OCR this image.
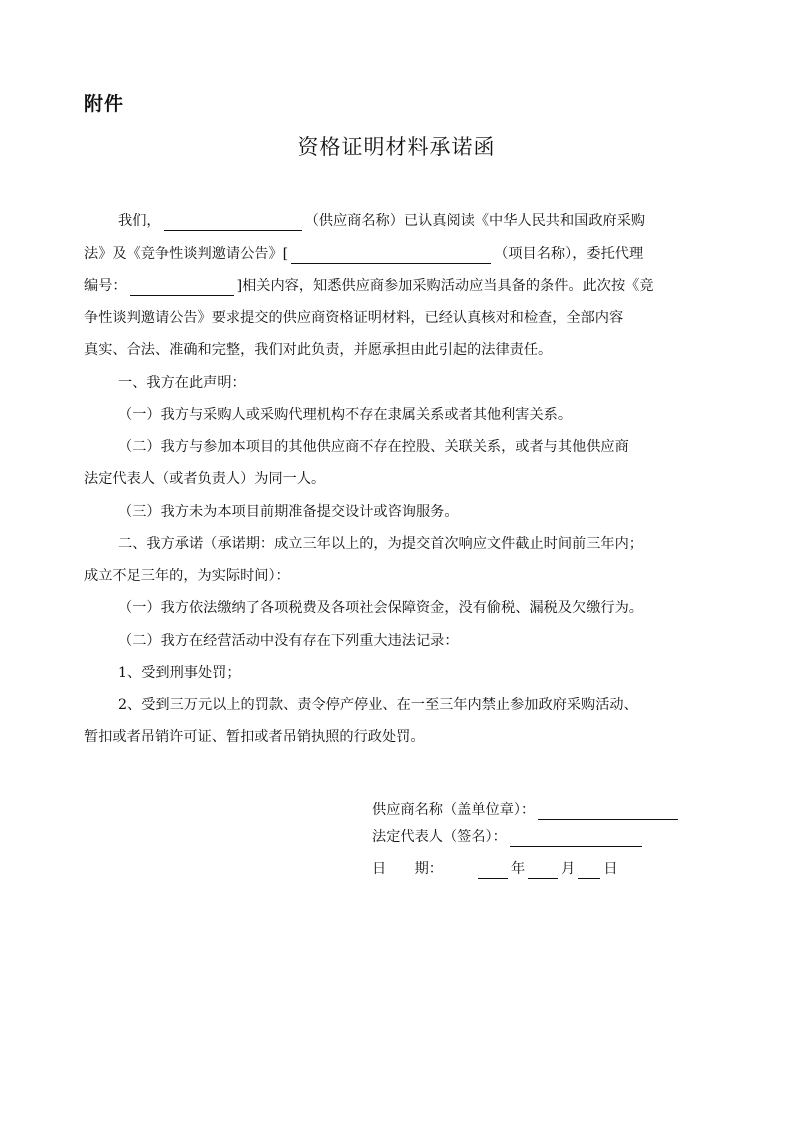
附件
资格证明材料承诺函
我们，	（供应商名称）已认真阅读《中华人民共和国政府采购
法》及《竞争性谈判邀请公告》[	（项目名称），委托代理
编号：	]相关内容，知悉供应商参加采购活动应当具备的条件。此次按《竞
争性谈判邀请公告》要求提交的供应商资格证明材料，已经认真核对和检查，全部内容
真实、合法、准确和完整，我们对此负责，并愿承担由此引起的法律责任。
一、我方在此声明：
（一）我方与采购人或采购代理机构不存在隶属关系或者其他利害关系。
（二）我方与参加本项目的其他供应商不存在控股、关联关系，或者与其他供应商
法定代表人（或者负责人）为同一人。
（三）我方未为本项目前期准备提交设计或咨询服务。
二、我方承诺（承诺期：成立三年以上的，为提交首次响应文件截止时间前三年内；
成立不足三年的，为实际时间）：
（一）我方依法缴纳了各项税费及各项社会保障资金，没有偷税、漏税及欠缴行为。
（二）我方在经营活动中没有存在下列重大违法记录：
1、受到刑事处罚；
2、受到三万元以上的罚款、责令停产停业、在一至三年内禁止参加政府采购活动、
暂扣或者吊销许可证、暂扣或者吊销执照的行政处罚。
供应商名称（盖单位章）：
法定代表人（签名）：
日　　期：	年	月 日
